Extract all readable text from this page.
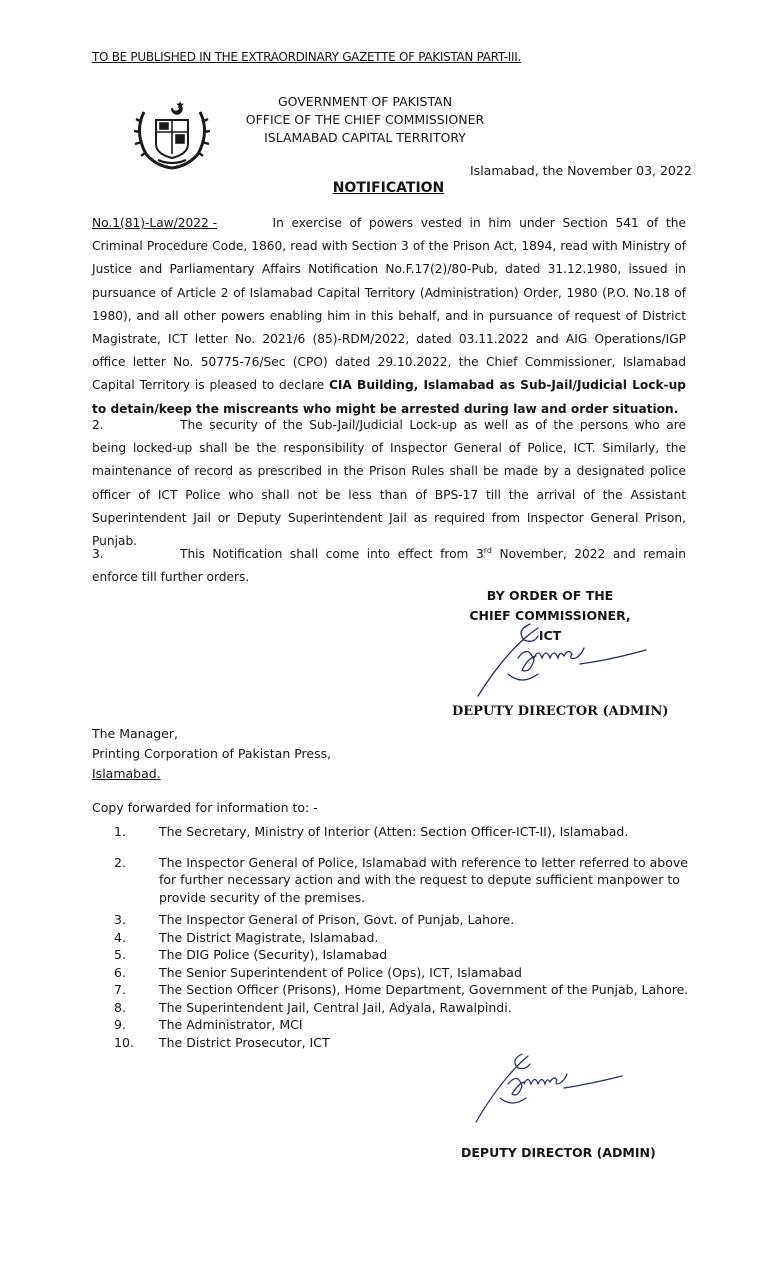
TO BE PUBLISHED IN THE EXTRAORDINARY GAZETTE OF PAKISTAN PART-III.
GOVERNMENT OF PAKISTAN
OFFICE OF THE CHIEF COMMISSIONER
ISLAMABAD CAPITAL TERRITORY
Islamabad, the November 03, 2022
NOTIFICATION
No.1(81)-Law/2022 -	In exercise of powers vested in him under Section 541 of the Criminal Procedure Code, 1860, read with Section 3 of the Prison Act, 1894, read with Ministry of Justice and Parliamentary Affairs Notification No.F.17(2)/80-Pub, dated 31.12.1980, issued in pursuance of Article 2 of Islamabad Capital Territory (Administration) Order, 1980 (P.O. No.18 of 1980), and all other powers enabling him in this behalf, and in pursuance of request of District Magistrate, ICT letter No. 2021/6 (85)-RDM/2022, dated 03.11.2022 and AIG Operations/IGP office letter No. 50775-76/Sec (CPO) dated 29.10.2022, the Chief Commissioner, Islamabad Capital Territory is pleased to declare CIA Building, Islamabad as Sub-Jail/Judicial Lock-up to detain/keep the miscreants who might be arrested during law and order situation.
2.	The security of the Sub-Jail/Judicial Lock-up as well as of the persons who are being locked-up shall be the responsibility of Inspector General of Police, ICT. Similarly, the maintenance of record as prescribed in the Prison Rules shall be made by a designated police officer of ICT Police who shall not be less than of BPS-17 till the arrival of the Assistant Superintendent Jail or Deputy Superintendent Jail as required from Inspector General Prison, Punjab.
3.	This Notification shall come into effect from 3rd November, 2022 and remain enforce till further orders.
BY ORDER OF THE
CHIEF COMMISSIONER, ICT
DEPUTY DIRECTOR (ADMIN)
The Manager,
Printing Corporation of Pakistan Press,
Islamabad.
Copy forwarded for information to: -
1.	The Secretary, Ministry of Interior (Atten: Section Officer-ICT-II), Islamabad.
2.	The Inspector General of Police, Islamabad with reference to letter referred to above for further necessary action and with the request to depute sufficient manpower to provide security of the premises.
3.	The Inspector General of Prison, Govt. of Punjab, Lahore.
4.	The District Magistrate, Islamabad.
5.	The DIG Police (Security), Islamabad
6.	The Senior Superintendent of Police (Ops), ICT, Islamabad
7.	The Section Officer (Prisons), Home Department, Government of the Punjab, Lahore.
8.	The Superintendent Jail, Central Jail, Adyala, Rawalpindi.
9.	The Administrator, MCI
10.	The District Prosecutor, ICT
DEPUTY DIRECTOR (ADMIN)
